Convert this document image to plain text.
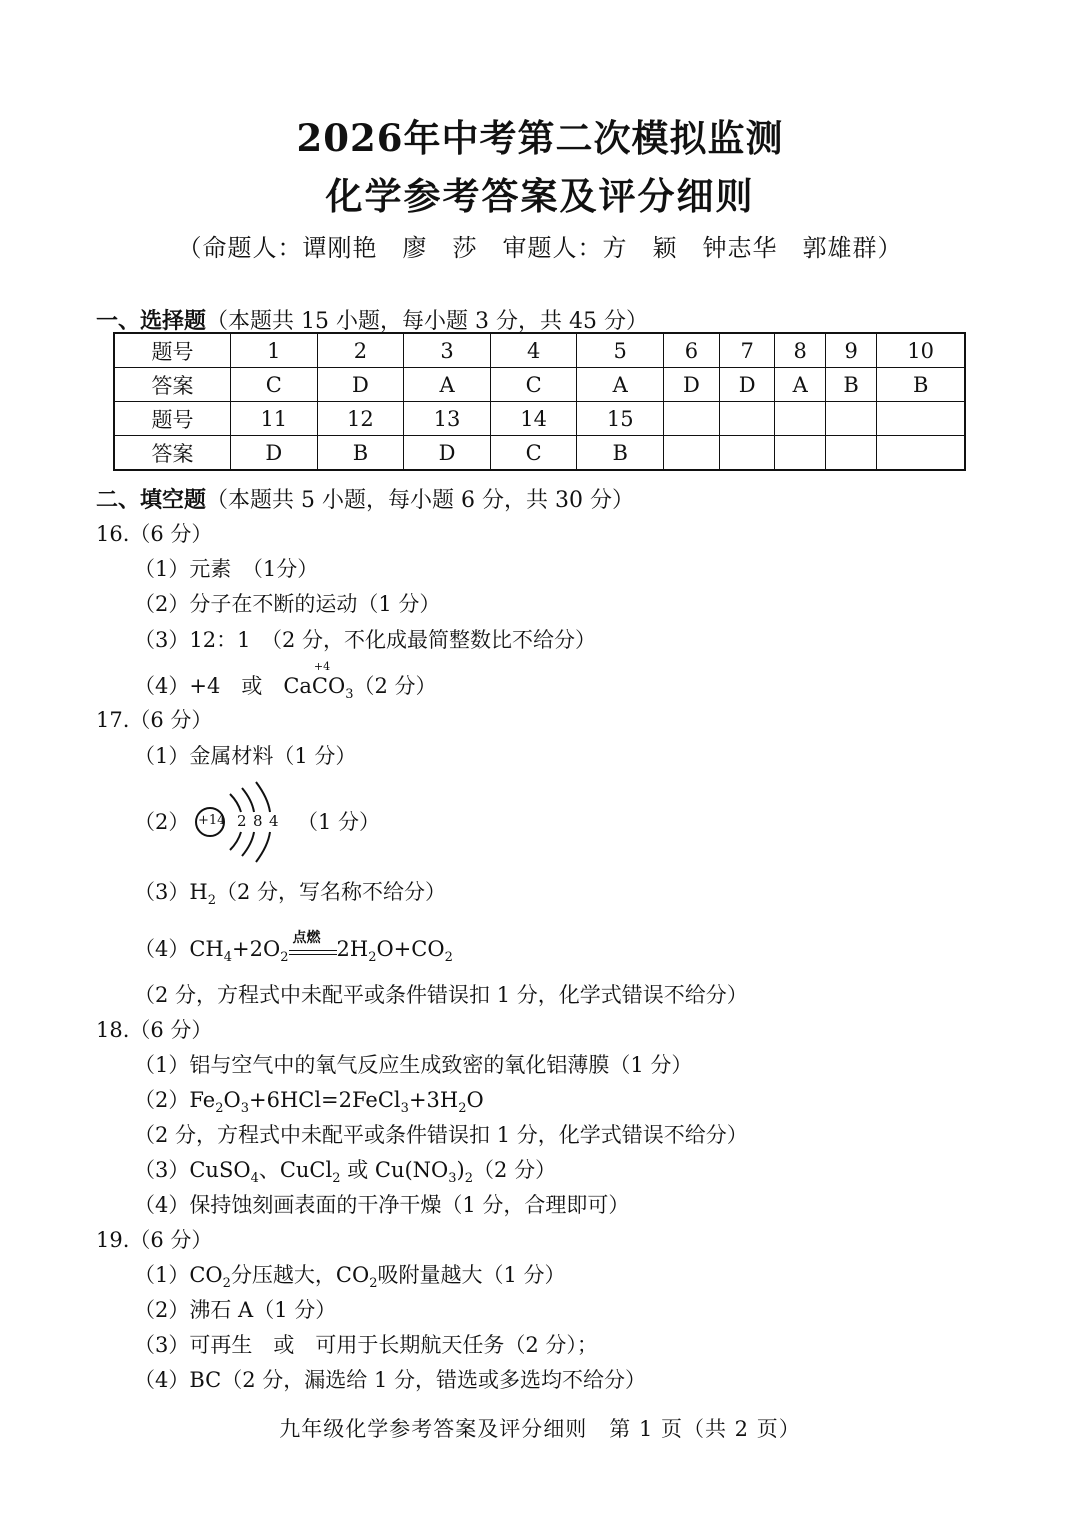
2026年中考第二次模拟监测
化学参考答案及评分细则
（命题人：谭刚艳　廖　莎　审题人：方　颖　钟志华　郭雄群）
一、选择题（本题共 15 小题，每小题 3 分，共 45 分）
题号	1	2	3	4	5	6	7	8	9	10
答案	C	D	A	C	A	D	D	A	B	B
题号	11	12	13	14	15					
答案	D	B	D	C	B					
二、填空题（本题共 5 小题，每小题 6 分，共 30 分）
16.（6 分）
（1）元素　（1分）
（2）分子在不断的运动（1 分）
（3）12：1　（2 分，不化成最简整数比不给分）
（4）+4　或　Ca
+4
$CO_3(2$ 分）
17.（6 分）
（1）金属材料（1 分）
（2） +14 2 8 4 （1 分）
$(3)H_2(2$ 分，写名称不给分）
$(4)CH_4+2O_2$
点燃 $2H_2O+CO_2$
（2 分，方程式中未配平或条件错误扣 1 分，化学式错误不给分）
18.（6 分）
（1）铝与空气中的氧气反应生成致密的氧化铝薄膜（1 分）
$(2)Fe_2O_3+6HCl=2FeCl_3+3H_2O$
（2 分，方程式中未配平或条件错误扣 1 分，化学式错误不给分）
（3）CuSO$_4$、CuCl$_2$ 或 $Cu(NO_3)_2(2$ 分）
（4）保持蚀刻画表面的干净干燥（1 分，合理即可）
19.（6 分）
$(1)CO_2$分压越大，$CO_2$吸附量越大（1 分）
（2）沸石 A（1 分）
（3）可再生　或　可用于长期航天任务（2 分）；
（4）BC（2 分，漏选给 1 分，错选或多选均不给分）
九年级化学参考答案及评分细则　第 1 页（共 2 页）
